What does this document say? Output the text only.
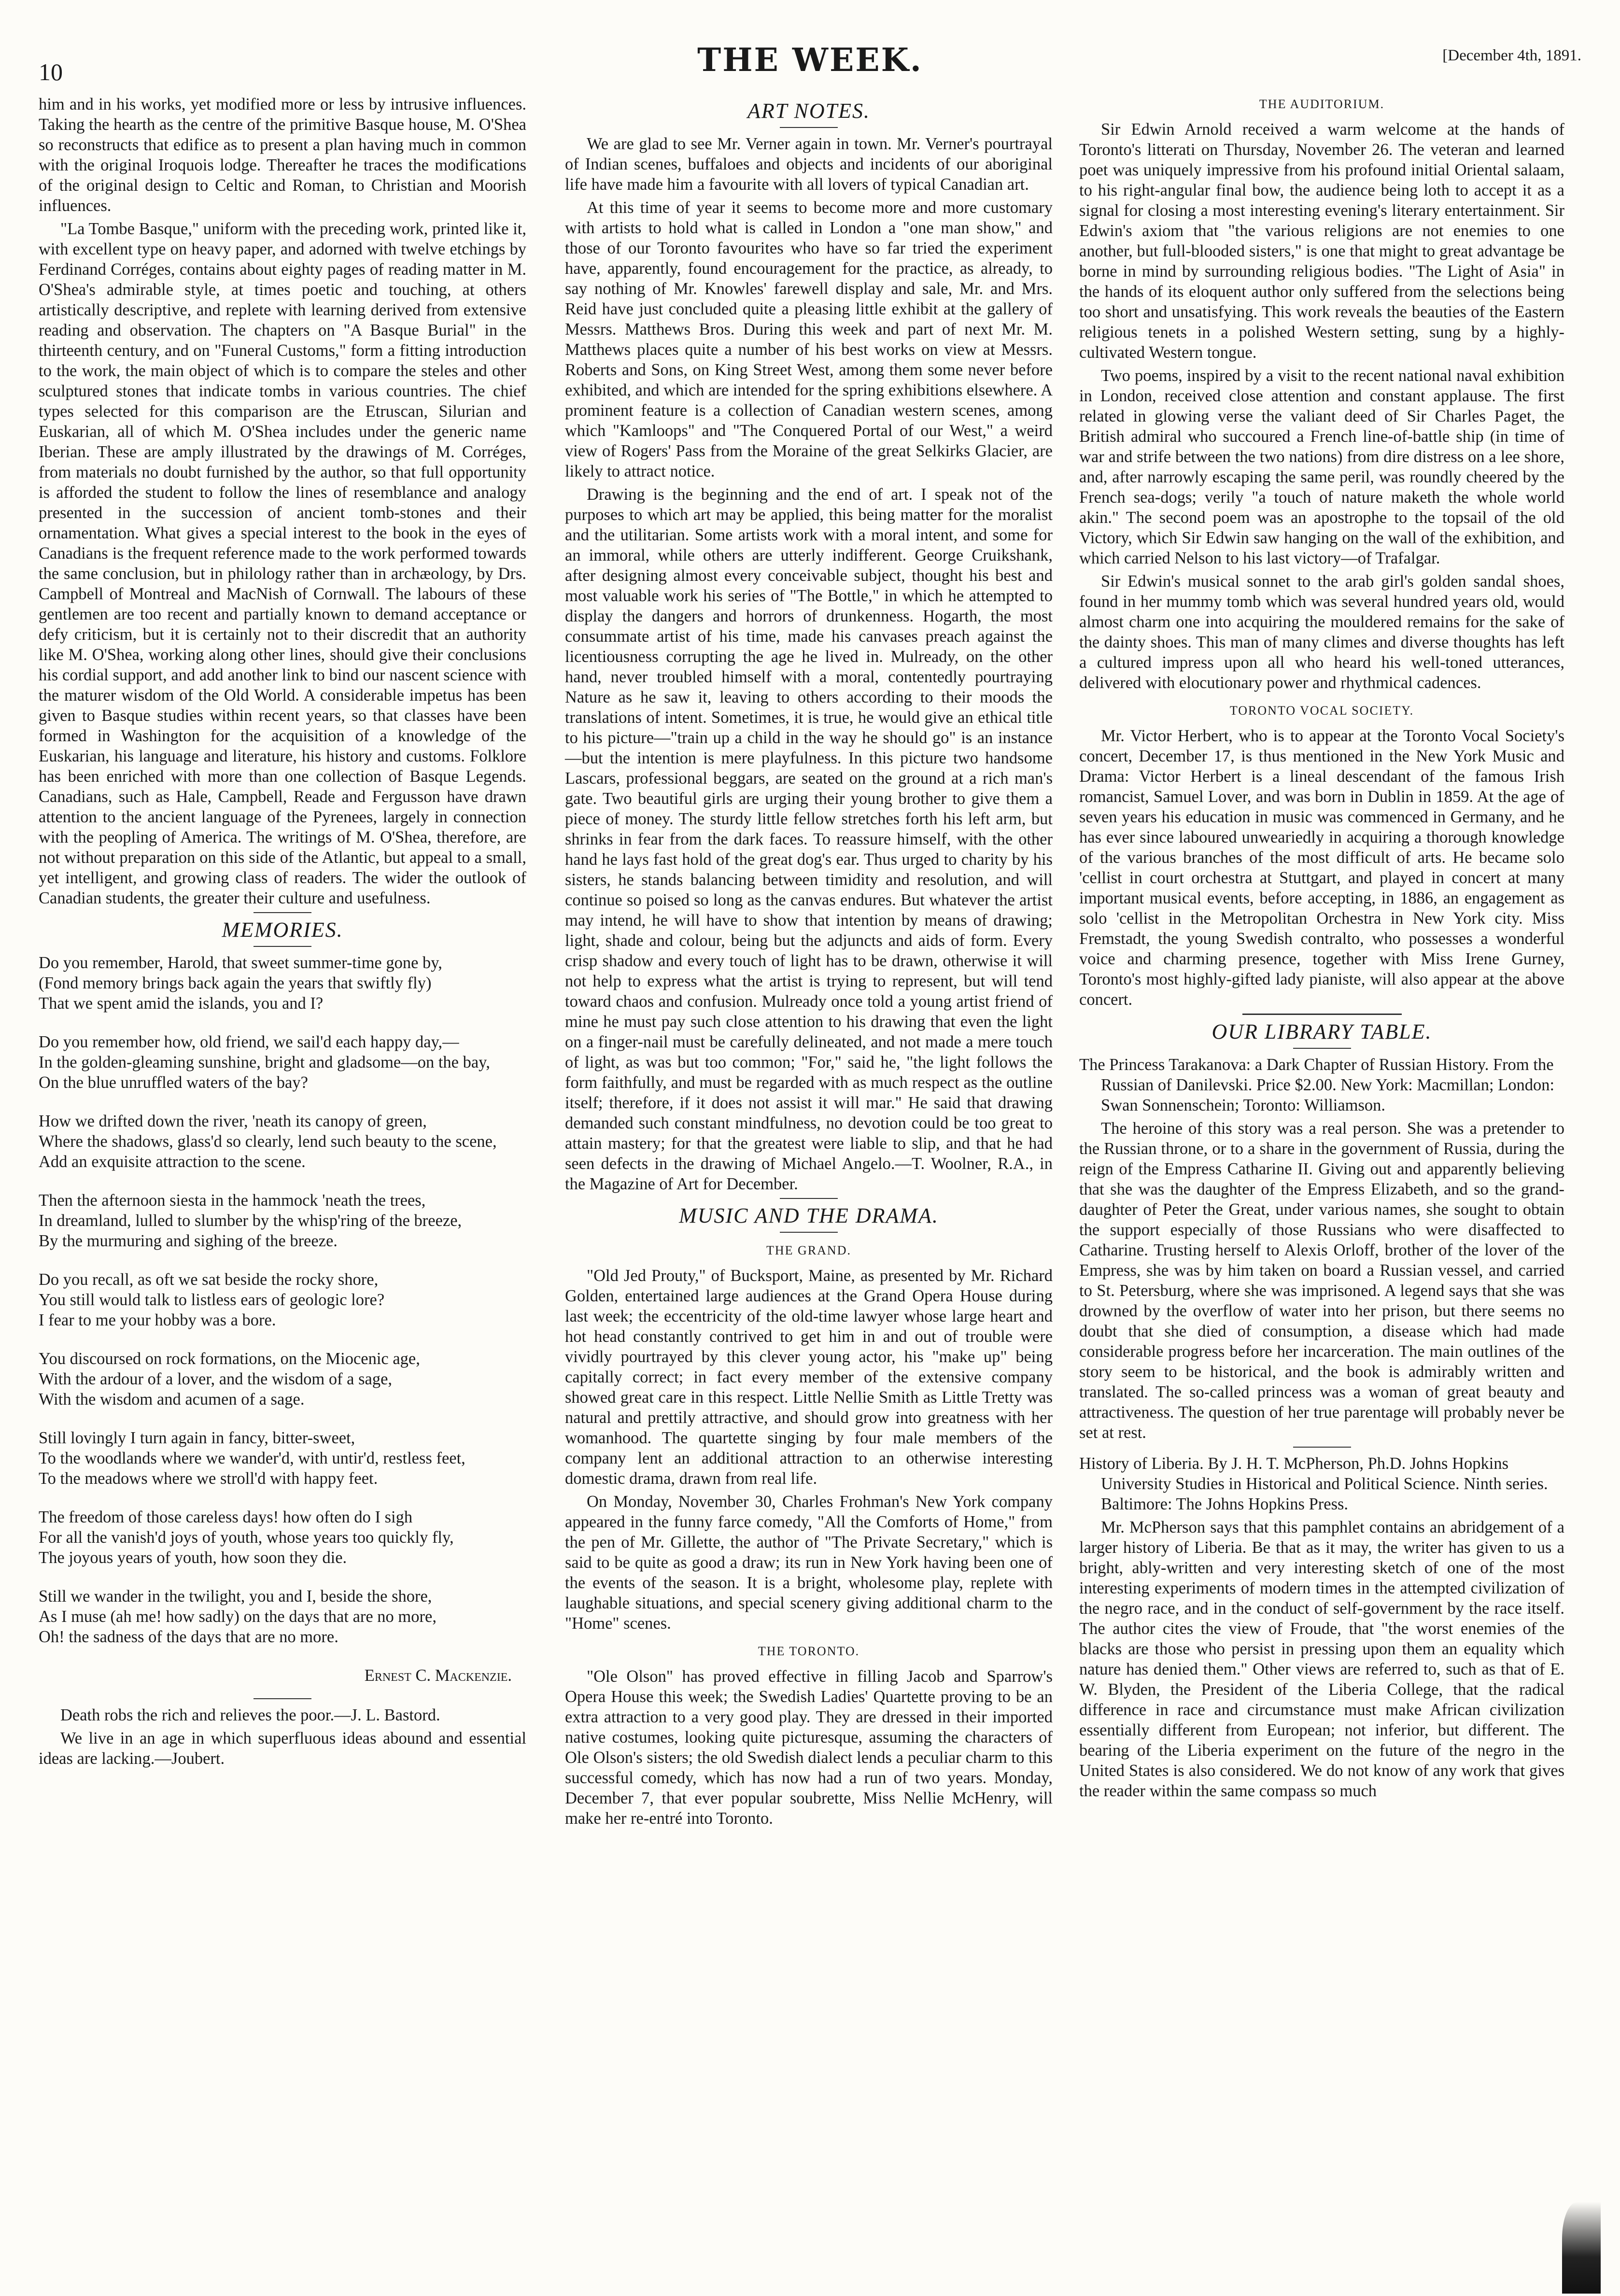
10	THE WEEK.	[December 4th, 1891.

him and in his works, yet modified more or less by intrusive influences. Taking the hearth as the centre of the primitive Basque house, M. O'Shea so reconstructs that edifice as to present a plan having much in common with the original Iroquois lodge. Thereafter he traces the modifications of the original design to Celtic and Roman, to Christian and Moorish influences.

"La Tombe Basque," uniform with the preceding work, printed like it, with excellent type on heavy paper, and adorned with twelve etchings by Ferdinand Corréges, contains about eighty pages of reading matter in M. O'Shea's admirable style, at times poetic and touching, at others artistically descriptive, and replete with learning derived from extensive reading and observation. The chapters on "A Basque Burial" in the thirteenth century, and on "Funeral Customs," form a fitting introduction to the work, the main object of which is to compare the steles and other sculptured stones that indicate tombs in various countries. The chief types selected for this comparison are the Etruscan, Silurian and Euskarian, all of which M. O'Shea includes under the generic name Iberian. These are amply illustrated by the drawings of M. Corréges, from materials no doubt furnished by the author, so that full opportunity is afforded the student to follow the lines of resemblance and analogy presented in the succession of ancient tomb-stones and their ornamentation. What gives a special interest to the book in the eyes of Canadians is the frequent reference made to the work performed towards the same conclusion, but in philology rather than in archæology, by Drs. Campbell of Montreal and MacNish of Cornwall. The labours of these gentlemen are too recent and partially known to demand acceptance or defy criticism, but it is certainly not to their discredit that an authority like M. O'Shea, working along other lines, should give their conclusions his cordial support, and add another link to bind our nascent science with the maturer wisdom of the Old World. A considerable impetus has been given to Basque studies within recent years, so that classes have been formed in Washington for the acquisition of a knowledge of the Euskarian, his language and literature, his history and customs. Folklore has been enriched with more than one collection of Basque Legends. Canadians, such as Hale, Campbell, Reade and Fergusson have drawn attention to the ancient language of the Pyrenees, largely in connection with the peopling of America. The writings of M. O'Shea, therefore, are not without preparation on this side of the Atlantic, but appeal to a small, yet intelligent, and growing class of readers. The wider the outlook of Canadian students, the greater their culture and usefulness.

MEMORIES.
Do you remember, Harold, that sweet summer-time gone by,
(Fond memory brings back again the years that swiftly fly)
That we spent amid the islands, you and I?
Do you remember how, old friend, we sail'd each happy day,—
In the golden-gleaming sunshine, bright and gladsome—on the bay,
On the blue unruffled waters of the bay?
How we drifted down the river, 'neath its canopy of green,
Where the shadows, glass'd so clearly, lend such beauty to the scene,
Add an exquisite attraction to the scene.
Then the afternoon siesta in the hammock 'neath the trees,
In dreamland, lulled to slumber by the whisp'ring of the breeze,
By the murmuring and sighing of the breeze.
Do you recall, as oft we sat beside the rocky shore,
You still would talk to listless ears of geologic lore?
I fear to me your hobby was a bore.
You discoursed on rock formations, on the Miocenic age,
With the ardour of a lover, and the wisdom of a sage,
With the wisdom and acumen of a sage.
Still lovingly I turn again in fancy, bitter-sweet,
To the woodlands where we wander'd, with untir'd, restless feet,
To the meadows where we stroll'd with happy feet.
The freedom of those careless days! how often do I sigh
For all the vanish'd joys of youth, whose years too quickly fly,
The joyous years of youth, how soon they die.
Still we wander in the twilight, you and I, beside the shore,
As I muse (ah me! how sadly) on the days that are no more,
Oh! the sadness of the days that are no more.
Ernest C. Mackenzie.

Death robs the rich and relieves the poor.—J. L. Bastord.

We live in an age in which superfluous ideas abound and essential ideas are lacking.—Joubert.

ART NOTES.

We are glad to see Mr. Verner again in town. Mr. Verner's pourtrayal of Indian scenes, buffaloes and objects and incidents of our aboriginal life have made him a favourite with all lovers of typical Canadian art.

At this time of year it seems to become more and more customary with artists to hold what is called in London a "one man show," and those of our Toronto favourites who have so far tried the experiment have, apparently, found encouragement for the practice, as already, to say nothing of Mr. Knowles' farewell display and sale, Mr. and Mrs. Reid have just concluded quite a pleasing little exhibit at the gallery of Messrs. Matthews Bros. During this week and part of next Mr. M. Matthews places quite a number of his best works on view at Messrs. Roberts and Sons, on King Street West, among them some never before exhibited, and which are intended for the spring exhibitions elsewhere. A prominent feature is a collection of Canadian western scenes, among which "Kamloops" and "The Conquered Portal of our West," a weird view of Rogers' Pass from the Moraine of the great Selkirks Glacier, are likely to attract notice.

Drawing is the beginning and the end of art. I speak not of the purposes to which art may be applied, this being matter for the moralist and the utilitarian. Some artists work with a moral intent, and some for an immoral, while others are utterly indifferent. George Cruikshank, after designing almost every conceivable subject, thought his best and most valuable work his series of "The Bottle," in which he attempted to display the dangers and horrors of drunkenness. Hogarth, the most consummate artist of his time, made his canvases preach against the licentiousness corrupting the age he lived in. Mulready, on the other hand, never troubled himself with a moral, contentedly pourtraying Nature as he saw it, leaving to others according to their moods the translations of intent. Sometimes, it is true, he would give an ethical title to his picture—"train up a child in the way he should go" is an instance—but the intention is mere playfulness. In this picture two handsome Lascars, professional beggars, are seated on the ground at a rich man's gate. Two beautiful girls are urging their young brother to give them a piece of money. The sturdy little fellow stretches forth his left arm, but shrinks in fear from the dark faces. To reassure himself, with the other hand he lays fast hold of the great dog's ear. Thus urged to charity by his sisters, he stands balancing between timidity and resolution, and will continue so poised so long as the canvas endures. But whatever the artist may intend, he will have to show that intention by means of drawing; light, shade and colour, being but the adjuncts and aids of form. Every crisp shadow and every touch of light has to be drawn, otherwise it will not help to express what the artist is trying to represent, but will tend toward chaos and confusion. Mulready once told a young artist friend of mine he must pay such close attention to his drawing that even the light on a finger-nail must be carefully delineated, and not made a mere touch of light, as was but too common; "For," said he, "the light follows the form faithfully, and must be regarded with as much respect as the outline itself; therefore, if it does not assist it will mar." He said that drawing demanded such constant mindfulness, no devotion could be too great to attain mastery; for that the greatest were liable to slip, and that he had seen defects in the drawing of Michael Angelo.—T. Woolner, R.A., in the Magazine of Art for December.

MUSIC AND THE DRAMA.
THE GRAND.

"Old Jed Prouty," of Bucksport, Maine, as presented by Mr. Richard Golden, entertained large audiences at the Grand Opera House during last week; the eccentricity of the old-time lawyer whose large heart and hot head constantly contrived to get him in and out of trouble were vividly pourtrayed by this clever young actor, his "make up" being capitally correct; in fact every member of the extensive company showed great care in this respect. Little Nellie Smith as Little Tretty was natural and prettily attractive, and should grow into greatness with her womanhood. The quartette singing by four male members of the company lent an additional attraction to an otherwise interesting domestic drama, drawn from real life.

On Monday, November 30, Charles Frohman's New York company appeared in the funny farce comedy, "All the Comforts of Home," from the pen of Mr. Gillette, the author of "The Private Secretary," which is said to be quite as good a draw; its run in New York having been one of the events of the season. It is a bright, wholesome play, replete with laughable situations, and special scenery giving additional charm to the "Home" scenes.

THE TORONTO.

"Ole Olson" has proved effective in filling Jacob and Sparrow's Opera House this week; the Swedish Ladies' Quartette proving to be an extra attraction to a very good play. They are dressed in their imported native costumes, looking quite picturesque, assuming the characters of Ole Olson's sisters; the old Swedish dialect lends a peculiar charm to this successful comedy, which has now had a run of two years. Monday, December 7, that ever popular soubrette, Miss Nellie McHenry, will make her re-entré into Toronto.

THE AUDITORIUM.

Sir Edwin Arnold received a warm welcome at the hands of Toronto's litterati on Thursday, November 26. The veteran and learned poet was uniquely impressive from his profound initial Oriental salaam, to his right-angular final bow, the audience being loth to accept it as a signal for closing a most interesting evening's literary entertainment. Sir Edwin's axiom that "the various religions are not enemies to one another, but full-blooded sisters," is one that might to great advantage be borne in mind by surrounding religious bodies. "The Light of Asia" in the hands of its eloquent author only suffered from the selections being too short and unsatisfying. This work reveals the beauties of the Eastern religious tenets in a polished Western setting, sung by a highly-cultivated Western tongue.

Two poems, inspired by a visit to the recent national naval exhibition in London, received close attention and constant applause. The first related in glowing verse the valiant deed of Sir Charles Paget, the British admiral who succoured a French line-of-battle ship (in time of war and strife between the two nations) from dire distress on a lee shore, and, after narrowly escaping the same peril, was roundly cheered by the French sea-dogs; verily "a touch of nature maketh the whole world akin." The second poem was an apostrophe to the topsail of the old Victory, which Sir Edwin saw hanging on the wall of the exhibition, and which carried Nelson to his last victory—of Trafalgar.

Sir Edwin's musical sonnet to the arab girl's golden sandal shoes, found in her mummy tomb which was several hundred years old, would almost charm one into acquiring the mouldered remains for the sake of the dainty shoes. This man of many climes and diverse thoughts has left a cultured impress upon all who heard his well-toned utterances, delivered with elocutionary power and rhythmical cadences.

TORONTO VOCAL SOCIETY.

Mr. Victor Herbert, who is to appear at the Toronto Vocal Society's concert, December 17, is thus mentioned in the New York Music and Drama: Victor Herbert is a lineal descendant of the famous Irish romancist, Samuel Lover, and was born in Dublin in 1859. At the age of seven years his education in music was commenced in Germany, and he has ever since laboured unweariedly in acquiring a thorough knowledge of the various branches of the most difficult of arts. He became solo 'cellist in court orchestra at Stuttgart, and played in concert at many important musical events, before accepting, in 1886, an engagement as solo 'cellist in the Metropolitan Orchestra in New York city. Miss Fremstadt, the young Swedish contralto, who possesses a wonderful voice and charming presence, together with Miss Irene Gurney, Toronto's most highly-gifted lady pianiste, will also appear at the above concert.

OUR LIBRARY TABLE.

The Princess Tarakanova: a Dark Chapter of Russian History. From the Russian of Danilevski. Price $2.00. New York: Macmillan; London: Swan Sonnenschein; Toronto: Williamson.

The heroine of this story was a real person. She was a pretender to the Russian throne, or to a share in the government of Russia, during the reign of the Empress Catharine II. Giving out and apparently believing that she was the daughter of the Empress Elizabeth, and so the grand-daughter of Peter the Great, under various names, she sought to obtain the support especially of those Russians who were disaffected to Catharine. Trusting herself to Alexis Orloff, brother of the lover of the Empress, she was by him taken on board a Russian vessel, and carried to St. Petersburg, where she was imprisoned. A legend says that she was drowned by the overflow of water into her prison, but there seems no doubt that she died of consumption, a disease which had made considerable progress before her incarceration. The main outlines of the story seem to be historical, and the book is admirably written and translated. The so-called princess was a woman of great beauty and attractiveness. The question of her true parentage will probably never be set at rest.

History of Liberia. By J. H. T. McPherson, Ph.D. Johns Hopkins University Studies in Historical and Political Science. Ninth series. Baltimore: The Johns Hopkins Press.

Mr. McPherson says that this pamphlet contains an abridgement of a larger history of Liberia. Be that as it may, the writer has given to us a bright, ably-written and very interesting sketch of one of the most interesting experiments of modern times in the attempted civilization of the negro race, and in the conduct of self-government by the race itself. The author cites the view of Froude, that "the worst enemies of the blacks are those who persist in pressing upon them an equality which nature has denied them." Other views are referred to, such as that of E. W. Blyden, the President of the Liberia College, that the radical difference in race and circumstance must make African civilization essentially different from European; not inferior, but different. The bearing of the Liberia experiment on the future of the negro in the United States is also considered. We do not know of any work that gives the reader within the same compass so much
